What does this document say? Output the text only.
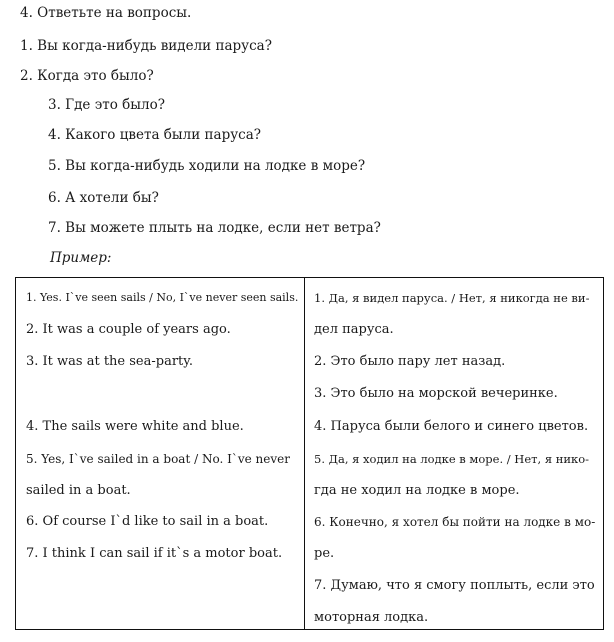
4. Ответьте на вопросы.
1. Вы когда-нибудь видели паруса?
2. Когда это было?
3. Где это было?
4. Какого цвета были паруса?
5. Вы когда-нибудь ходили на лодке в море?
6. А хотели бы?
7. Вы можете плыть на лодке, если нет ветра?
Пример:
1. Yes. I`ve seen sails / No, I`ve never seen sails.
2. It was a couple of years ago.
3. It was at the sea-party.
4. The sails were white and blue.
5. Yes, I`ve sailed in a boat / No. I`ve never
sailed in a boat.
6. Of course I`d like to sail in a boat.
7. I think I can sail if it`s a motor boat.
1. Да, я видел паруса. / Нет, я никогда не ви-
дел паруса.
2. Это было пару лет назад.
3. Это было на морской вечеринке.
4. Паруса были белого и синего цветов.
5. Да, я ходил на лодке в море. / Нет, я нико-
гда не ходил на лодке в море.
6. Конечно, я хотел бы пойти на лодке в мо-
ре.
7. Думаю, что я смогу поплыть, если это
моторная лодка.
